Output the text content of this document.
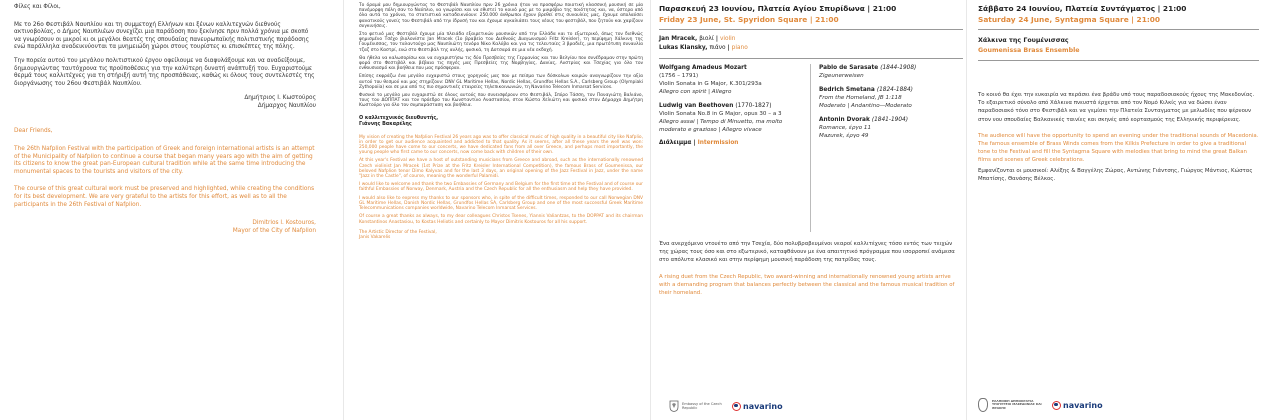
Φίλες και Φίλοι,

Με το 26ο Φεστιβάλ Ναυπλίου και τη συμμετοχή Ελλήνων και ξένων καλλιτεχνών διεθνούς ακτινοβολίας, ο Δήμος Ναυπλιέων συνεχίζει μια παράδοση που ξεκίνησε πριν πολλά χρόνια με σκοπό να γνωρίσουν οι μικροί κι οι μεγάλοι θεατές της σπουδαίας πανευρωπαϊκής πολιτιστικής παράδοσης ενώ παράλληλα αναδεικνύονται τα μνημειώδη χώροι στους τουρίστες κι επισκέπτες της πόλης.

Την πορεία αυτού του μεγάλου πολιτιστικού έργου οφείλουμε να διαφυλάξουμε και να αναδείξουμε, δημιουργώντας ταυτόχρονα τις προϋποθέσεις για την καλύτερη δυνατή ανάπτυξή του. Ευχαριστούμε θερμά τους καλλιτέχνες για τη στήριξή αυτή της προσπάθειας, καθώς κι όλους τους συντελεστές της διοργάνωσης του 26ου Φεστιβάλ Ναυπλίου.

Δημήτριος Ι. Κωστούρος
Δήμαρχος Ναυπλίου

Dear Friends,

The 26th Nafplion Festival with the participation of Greek and foreign international artists is an attempt of the Municipality of Nafplion to continue a course that began many years ago with the aim of getting its citizens to know the great pan-European cultural tradition while at the same time introducing the monumental spaces to the tourists and visitors of the city.

The course of this great cultural work must be preserved and highlighted, while creating the conditions for its best development. We are very grateful to the artists for this effort, as well as to all the participants in the 26th Festival of Nafplion.

Dimitrios I. Kostouros,
Mayor of the City of Nafplion

Το όραμά μου δημιουργώντας το Φεστιβάλ Ναυπλίου πριν 26 χρόνια ήταν να προσφέρω ποιοτική κλασσική μουσική σε μία πανέμορφη πόλη σαν το Ναύπλιο, να γνωρίσει και να εθιστεί το κοινό μας με το μικρόβιο της ποιότητας και, να, ύστερα από όλα αυτά τα χρόνια, τα στατιστικά καταδεικνύουν: 250.000 άνθρωποι έχουν βρεθεί στις συναυλίες μας, έχουμε απολαύσει φανατικούς γονείς του Φεστιβάλ από την ίδρυσή του και έχουμε αγκαλιάσει τους νέους του φεστιβάλ, που ζητούν και χαρίζουν συγκινήσεις.

Στο φετινό μας Φεστιβάλ έχουμε μία πλειάδα εξαιρετικών μουσικών από την Ελλάδα και το εξωτερικό, όπως τον διεθνώς φημισμένο Τσέχο βιολονίστα Jan Mracek (1ο βραβείο του Διεθνούς Διαγωνισμού Fritz Kreisler), τη περίφημη Χάλκινη της Γουμένισσας, τον ταλαντούχο μας Ναυπλιώτη τενόρο Νίκο Καλύβα και για τις τελευταίες 3 βραδιές, μια πρωτότυπη συναυλία τζαζ στο Καστρί, ενώ στο Φεστιβάλ της αυλής, φυσικά, τη Δοτσαρά σε μια νέα εκδοχή.

Θα ήθελα να καλωσορίσω και να ευχαριστήσω τις δύο Πρεσβείες της Γερμανίας και του Βελγίου που συνέδραμαν στην πρώτη φορά στο Φεστιβάλ και βέβαια τις πηγές μας Πρεσβείες της Νορβηγίας, Δανίας, Αυστρίας και Τσεχίας για όλο τον ενθουσιασμό και βοήθεια που μας πρόσφεραν.

Επίσης εκφράζω ένα μεγάλο ευχαριστώ στους χορηγούς μας που με πείσμα των δύσκολων καιρών αναγνωρίζουν την αξία αυτού του θεσμού και μας στηρίζουν: DNV GL Maritime Hellas, Nordic Hellas, Grundfos Hellas S.A., Carlsberg Group (Olympiaki Zythopoiia) και σε μια από τις πιο σημαντικές εταιρείες τηλεπικοινωνιών, τη Navarino Telecom Inmarsat Services.

Φυσικά το μεγάλο μου ευχαριστώ σε όλους αυτούς που συνεισφέρουν στο Φεστιβάλ, Σπύρο Τάσση, τον Παναγιώτη Βαλιάνο, τους του ΔΟΠΠΑΤ και τον πρόεδρο του Κωνσταντίνο Αναστασίου, στον Κώστα Χελιώτη και φυσικά στον Δήμαρχο Δημήτρη Κωστούρο για όλο τον συμπαράσταση και βοήθεια.

Ο καλλιτεχνικός διευθυντής,
Γιάννης Βακαρέλης

My vision of creating the Nafplion Festival 26 years ago was to offer classical music of high quality in a beautiful city like Nafplio, in order to get our audience acquainted and addicted to that quality. As it seems, after all these years the well was won: 250,000 people have come to our concerts, we have dedicated fans from all over Greece, and perhaps most importantly, the young people who first came to our concerts, now come back with children of their own.

At this year's Festival we have a host of outstanding musicians from Greece and abroad, such as the internationally renowned Czech violinist Jan Mracek (1st Prize at the Fritz Kreisler International Competition), the famous Brass of Goumenissa, our beloved Nafplion tenor Dimo Kalyvas and for the last 3 days, an original opening of the Jazz Festival in Jazz, under the name "Jazz in the Castle", of course, meaning the wonderful Palamidi.

I would like to welcome and thank the two Embassies of Germany and Belgium for the first time at the Festival and of course our faithful Embassies of Norway, Denmark, Austria and the Czech Republic for all the enthusiasm and help they have provided.

I would also like to express my thanks to our sponsors who, in spite of the difficult times, responded to our call Norwegian DNV GL Maritime Hellas, Danish Nordic Hellas, Grundfos Hellas SA, Carlsberg Group and one of the most successful Greek Maritime Telecommunications companies worldwide, Navarino Telecom Inmarsat Services.

Of course a great thanks as always, to my dear colleagues Christos Tsenes, Yiannis Valiantzas, to the DOPPAT and its chairman Konstantinos Anastasiou, to Kostas Heliotis and certainly to Mayor Dimitris Kostouros for all his support.

The Artistic Director of the Festival,
Janis Vakarelis

Παρασκευή 23 Ιουνίου, Πλατεία Αγίου Σπυρίδωνα | 21:00
Friday 23 June, St. Spyridon Square | 21:00
Jan Mracek, βιολί | violin
Lukas Klansky, πιάνο | piano
Wolfgang Amadeus Mozart
(1756 – 1791)
Violin Sonata in G Major, K.301/293a
Allegro con spirit | Allegro
Ludwig van Beethoven (1770-1827)
Violin Sonata No.8 in G Major, opus 30 – a 3
Allegro assai | Tempo di Minuetto, ma molto moderato e grazioso | Allegro vivace
Διάλειμμα | Intermission
Pablo de Sarasate (1844-1908)
Zigeunerweisen
Bedrich Smetana (1824-1884)
From the Homeland, JB 1:118
Moderato | Andantino—Moderato
Antonin Dvorak (1841-1904)
Romance, έργο 11
Mazurek, έργο 49
Ένα ανερχόμενο ντουέτο από την Τσεχία, δύο πολυβραβευμένοι νεαροί καλλιτέχνες τόσο εντός των τειχών της χώρας τους όσο και στο εξωτερικό, καταφθάνουν με ένα απαιτητικό πρόγραμμα που ισορροπεί ανάμεσα στο απόλυτα κλασικό και στην περίφημη μουσική παράδοση της πατρίδας τους.
A rising duet from the Czech Republic, two award-winning and internationally renowned young artists arrive with a demanding program that balances perfectly between the classical and the famous musical tradition of their homeland.
Embassy of the Czech Republic	navarino
Σάββατο 24 Ιουνίου, Πλατεία Συντάγματος | 21:00
Saturday 24 June, Syntagma Square | 21:00
Χάλκινα της Γουμένισσας
Goumenissa Brass Ensemble
Το κοινό θα έχει την ευκαιρία να περάσει ένα βράδυ υπό τους παραδοσιακούς ήχους της Μακεδονίας. Το εξαιρετικό σύνολο από Χάλκινα πνευστά έρχεται από τον Νομό Κιλκίς για να δώσει έναν παραδοσιακό τόνο στο Φεστιβάλ και να γεμίσει την Πλατεία Συνταγματος με μελωδίες που φέρνουν στον νου σπουδαίες Βαλκανικές ταινίες και σκηνές από εορτασμούς της Ελληνικής περιφέρειας.
The audience will have the opportunity to spend an evening under the traditional sounds of Macedonia. The famous ensemble of Brass Winds comes from the Kilkis Prefecture in order to give a traditional tone to the Festival and fill the Syntagma Square with melodies that bring to mind the great Balkan films and scenes of Greek celebrations.
Εμφανίζονται οι μουσικοί: Αλέξης & Βαγγέλης Ζώρας, Αντώνης Γιάντσης, Γιώργος Μάντιος, Κώστας Μπατίσης, Θανάσης Βέλκος.
ΕΛΛΗΝΙΚΗ ΔΗΜΟΚΡΑΤΙΑ ΥΠΟΥΡΓΕΙΟ ΜΑΚΕΔΟΝΙΑΣ ΚΑΙ ΘΡΑΚΗΣ	navarino
